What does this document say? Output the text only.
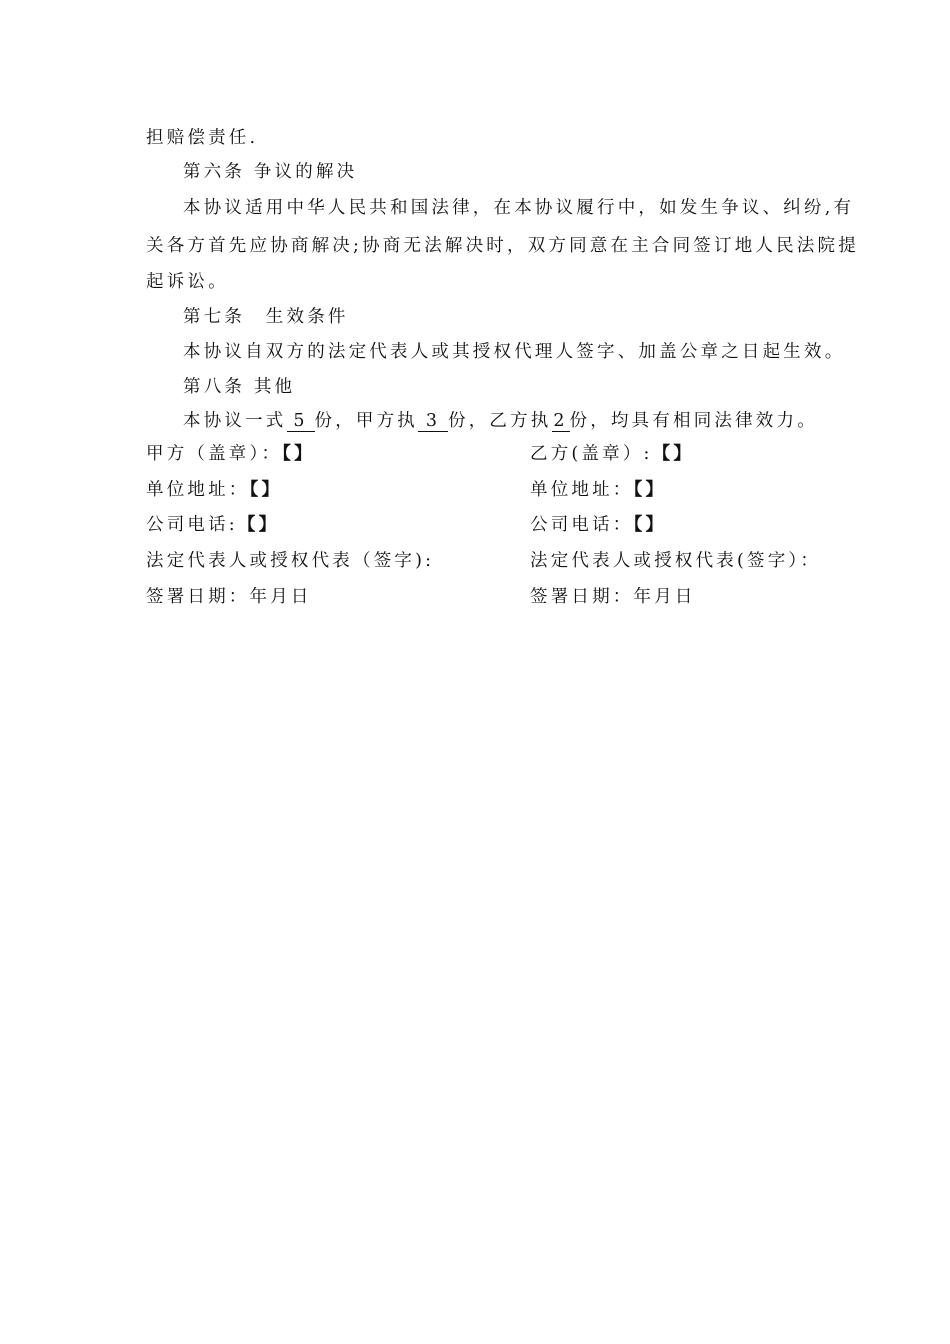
担赔偿责任.
第六条 争议的解决
本协议适用中华人民共和国法律，在本协议履行中，如发生争议、纠纷,有
关各方首先应协商解决;协商无法解决时，双方同意在主合同签订地人民法院提
起诉讼。
第七条　生效条件
本协议自双方的法定代表人或其授权代理人签字、加盖公章之日起生效。
第八条 其他
本协议一式 5 份，甲方执 3 份，乙方执 2 份，均具有相同法律效力。
甲方（盖章）：【】
单位地址：【】
公司电话:【】
法定代表人或授权代表（签字):
签署日期：年月日
乙方(盖章）:【】
单位地址：【】
公司电话：【】
法定代表人或授权代表(签字）：
签署日期：年月日
